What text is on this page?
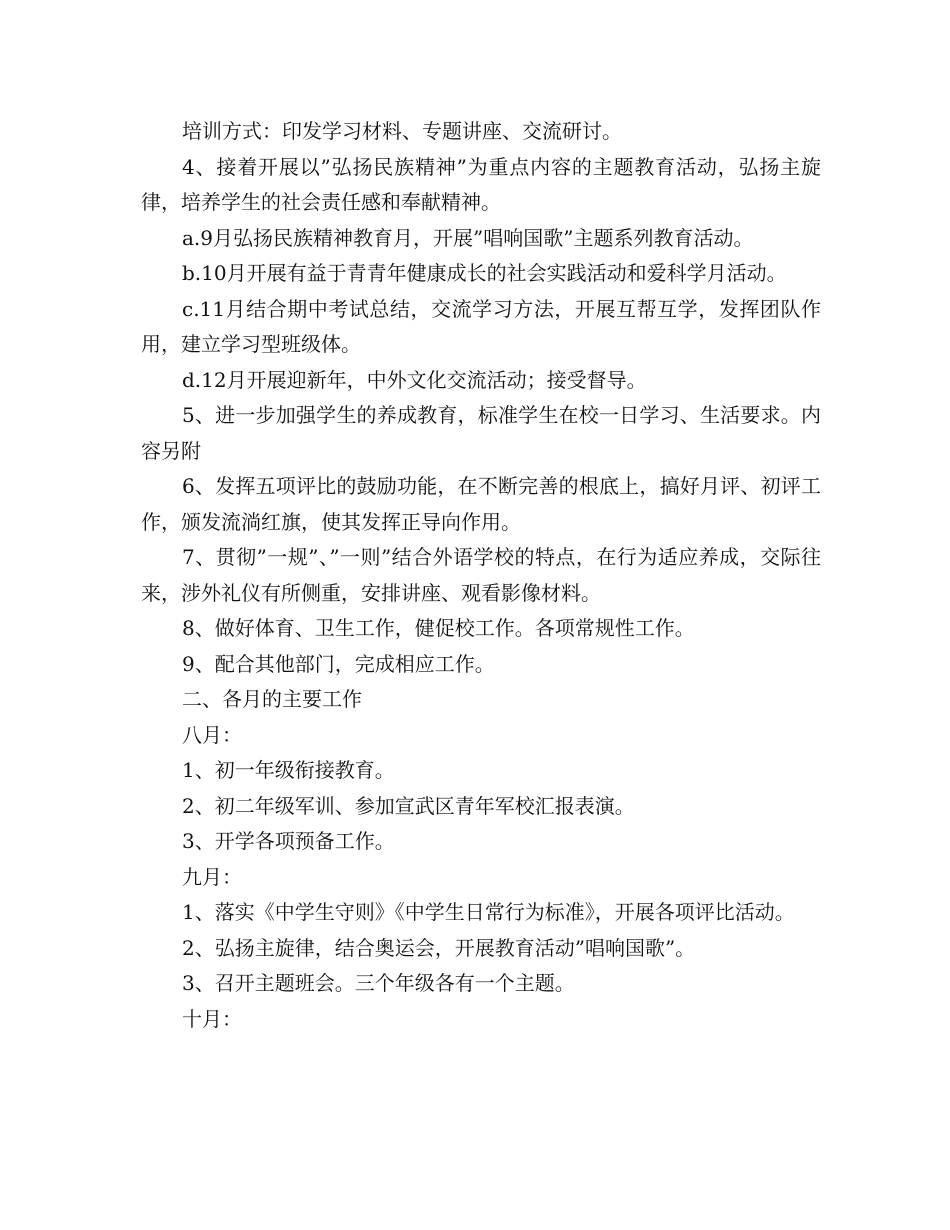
培训方式：印发学习材料、专题讲座、交流研讨。

4、接着开展以”弘扬民族精神”为重点内容的主题教育活动，弘扬主旋律，培养学生的社会责任感和奉献精神。

a.9月弘扬民族精神教育月，开展”唱响国歌”主题系列教育活动。

b.10月开展有益于青青年健康成长的社会实践活动和爱科学月活动。

c.11月结合期中考试总结，交流学习方法，开展互帮互学，发挥团队作用，建立学习型班级体。

d.12月开展迎新年，中外文化交流活动；接受督导。

5、进一步加强学生的养成教育，标准学生在校一日学习、生活要求。内容另附

6、发挥五项评比的鼓励功能，在不断完善的根底上，搞好月评、初评工作，颁发流淌红旗，使其发挥正导向作用。

7、贯彻”一规”、”一则”结合外语学校的特点，在行为适应养成，交际往来，涉外礼仪有所侧重，安排讲座、观看影像材料。

8、做好体育、卫生工作，健促校工作。各项常规性工作。

9、配合其他部门，完成相应工作。

二、各月的主要工作

八月：

1、初一年级衔接教育。

2、初二年级军训、参加宣武区青年军校汇报表演。

3、开学各项预备工作。

九月：

1、落实《中学生守则》《中学生日常行为标准》，开展各项评比活动。

2、弘扬主旋律，结合奥运会，开展教育活动”唱响国歌”。

3、召开主题班会。三个年级各有一个主题。

十月：
